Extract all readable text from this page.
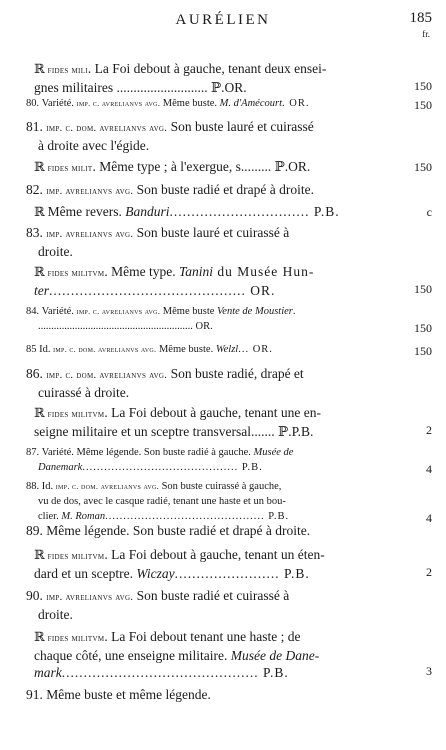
AURÉLIEN	185
fr.
ℝ fides mili. La Foi debout à gauche, tenant deux ensei-
gnes militaires ........................... ℙ.OR.	150
80. Variété. imp. c. avrelianvs avg. Même buste. M. d'Amécourt. OR.	150
81. imp. c. dom. avrelianvs avg. Son buste lauré et cuirassé
à droite avec l'égide.
ℝ fides milit. Même type ; à l'exergue, s......... ℙ.OR.	150
82. imp. avrelianvs avg. Son buste radié et drapé à droite.
ℝ Même revers. Banduri................................ P.B.	c
83. imp. avrelianvs avg. Son buste lauré et cuirassé à
droite.
ℝ fides militvm. Même type. Tanini du Musée Hun-
ter............................................. OR.	150
84. Variété. imp. c. avrelianvs avg. Même buste Vente de Moustier.
........................................................... OR.	150
85 Id. imp. c. dom. avrelianvs avg. Même buste. Welzl... OR.	150
86. imp. c. dom. avrelianvs avg. Son buste radié, drapé et
cuirassé à droite.
ℝ fides militvm. La Foi debout à gauche, tenant une en-
seigne militaire et un sceptre transversal....... ℙ.P.B.	2
87. Variété. Même légende. Son buste radié à gauche. Musée de
Danemark........................................... P.B.	4
88. Id. imp. c. dom. avrelianvs avg. Son buste cuirassé à gauche,
vu de dos, avec le casque radié, tenant une haste et un bou-
clier. M. Roman............................................ P.B.	4
89. Même légende. Son buste radié et drapé à droite.
ℝ fides militvm. La Foi debout à gauche, tenant un éten-
dard et un sceptre. Wiczay........................ P.B.	2
90. imp. avrelianvs avg. Son buste radié et cuirassé à
droite.
ℝ fides militvm. La Foi debout tenant une haste ; de
chaque côté, une enseigne militaire. Musée de Dane-
mark............................................. P.B.	3
91. Même buste et même légende.
